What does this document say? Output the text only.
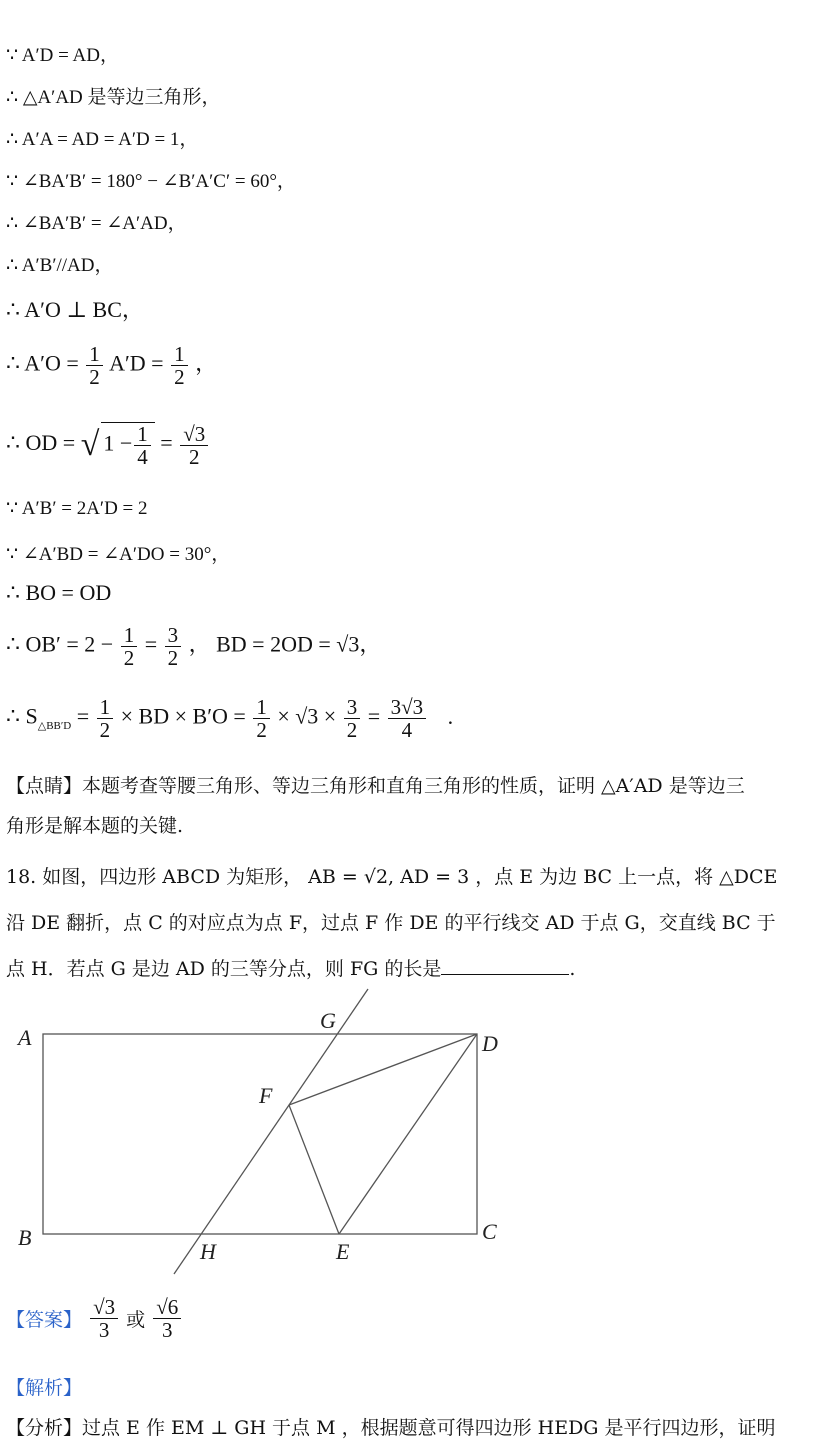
∵ A′D = AD，
∴ △A′AD 是等边三角形，
∴ A′A = AD = A′D = 1，
∵ ∠BA′B′ = 180° − ∠B′A′C′ = 60°，
∴ ∠BA′B′ = ∠A′AD，
∴ A′B′//AD，
∴ A′O ⊥ BC，
∴ $A'O = \frac{1}{2} A'D = \frac{1}{2}$ ，
∴ OD = √ $1 - \frac{1}{4} = \frac{√3}{2}$
∵ A′B′ = 2A′D = 2
∵ ∠A′BD = ∠A′DO = 30°，
∴ BO = OD
∴ $OB' = 2 - \frac{1}{2} = \frac{3}{2}$ ， BD = 2OD = √3，
∴ $S_{\triangle BB'D} = \frac{1}{2}$ × BD × $B'O = \frac{1}{2} \times √3 \times \frac{3}{2} = \frac{3√3}{4}$ .
【点睛】本题考查等腰三角形、等边三角形和直角三角形的性质，证明 △A′AD 是等边三
角形是解本题的关键.
18. 如图，四边形 ABCD 为矩形， AB = √2, AD = 3 ，点 E 为边 BC 上一点，将 △DCE
沿 DE 翻折，点 C 的对应点为点 F，过点 F 作 DE 的平行线交 AD 于点 G，交直线 BC 于
点 H．若点 G 是边 AD 的三等分点，则 FG 的长是	.
A
B	C
D
E
F
G
H
【答案】 $\frac{√3}{3}$ 或 $\frac{√6}{3}$
【解析】
【分析】过点 E 作 EM ⊥ GH 于点 M ，根据题意可得四边形 HEDG 是平行四边形，证明
